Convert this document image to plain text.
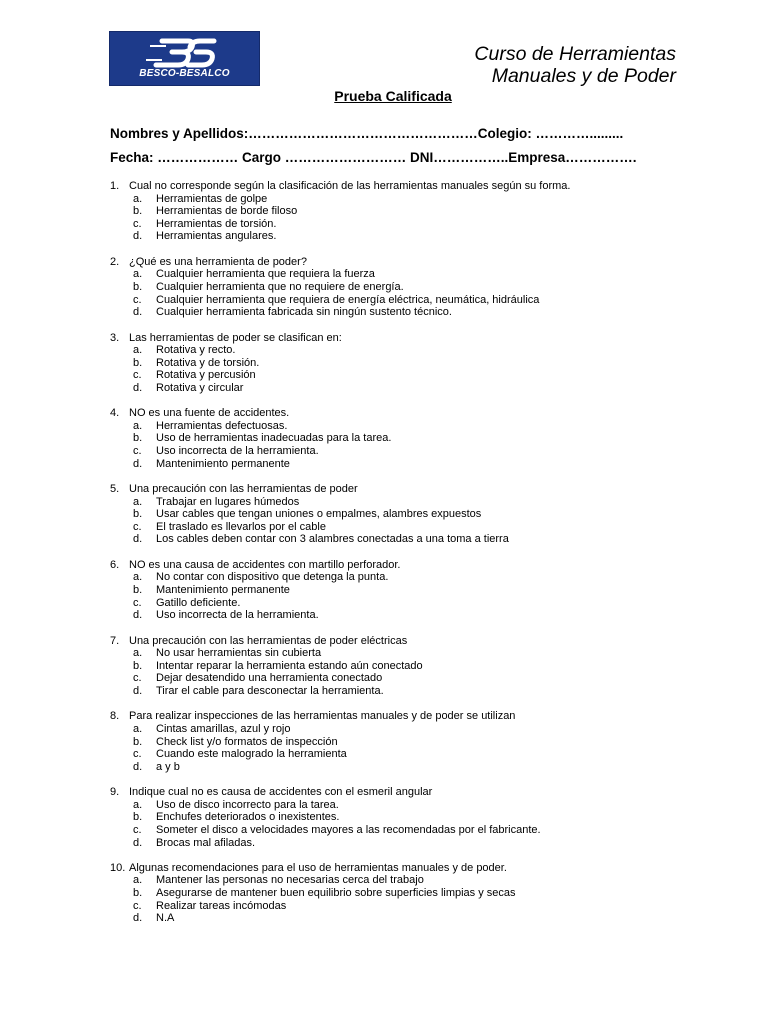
BESCO-BESALCO
Curso de Herramientas
Manuales y de Poder
Prueba Calificada
Nombres y Apellidos:……………………………………………Colegio: ………….........
Fecha: ……………… Cargo ……………………… DNI……………..Empresa…………….
1. Cual no corresponde según la clasificación de las herramientas manuales según su forma.
a.	Herramientas de golpe
b.	Herramientas de borde filoso
c.	Herramientas de torsión.
d.	Herramientas angulares.
2. ¿Qué es una herramienta de poder?
a.	Cualquier herramienta que requiera la fuerza
b.	Cualquier herramienta que no requiere de energía.
c.	Cualquier herramienta que requiera de energía eléctrica, neumática, hidráulica
d.	Cualquier herramienta fabricada sin ningún sustento técnico.
3. Las herramientas de poder se clasifican en:
a.	Rotativa y recto.
b.	Rotativa y de torsión.
c.	Rotativa y percusión
d.	Rotativa y circular
4. NO es una fuente de accidentes.
a.	Herramientas defectuosas.
b.	Uso de herramientas inadecuadas para la tarea.
c.	Uso incorrecta de la herramienta.
d.	Mantenimiento permanente
5. Una precaución con las herramientas de poder
a.	Trabajar en lugares húmedos
b.	Usar cables que tengan uniones o empalmes, alambres expuestos
c.	El traslado es llevarlos por el cable
d.	Los cables deben contar con 3 alambres conectadas a una toma a tierra
6. NO es una causa de accidentes con martillo perforador.
a.	No contar con dispositivo que detenga la punta.
b.	Mantenimiento permanente
c.	Gatillo deficiente.
d.	Uso incorrecta de la herramienta.
7. Una precaución con las herramientas de poder eléctricas
a.	No usar herramientas sin cubierta
b.	Intentar reparar la herramienta estando aún conectado
c.	Dejar desatendido una herramienta conectado
d.	Tirar el cable para desconectar la herramienta.
8. Para realizar inspecciones de las herramientas manuales y de poder se utilizan
a.	Cintas amarillas, azul y rojo
b.	Check list y/o formatos de inspección
c.	Cuando este malogrado la herramienta
d.	a y b
9. Indique cual no es causa de accidentes con el esmeril angular
a.	Uso de disco incorrecto para la tarea.
b.	Enchufes deteriorados o inexistentes.
c.	Someter el disco a velocidades mayores a las recomendadas por el fabricante.
d.	Brocas mal afiladas.
10. Algunas recomendaciones para el uso de herramientas manuales y de poder.
a.	Mantener las personas no necesarias cerca del trabajo
b.	Asegurarse de mantener buen equilibrio sobre superficies limpias y secas
c.	Realizar tareas incómodas
d.	N.A
